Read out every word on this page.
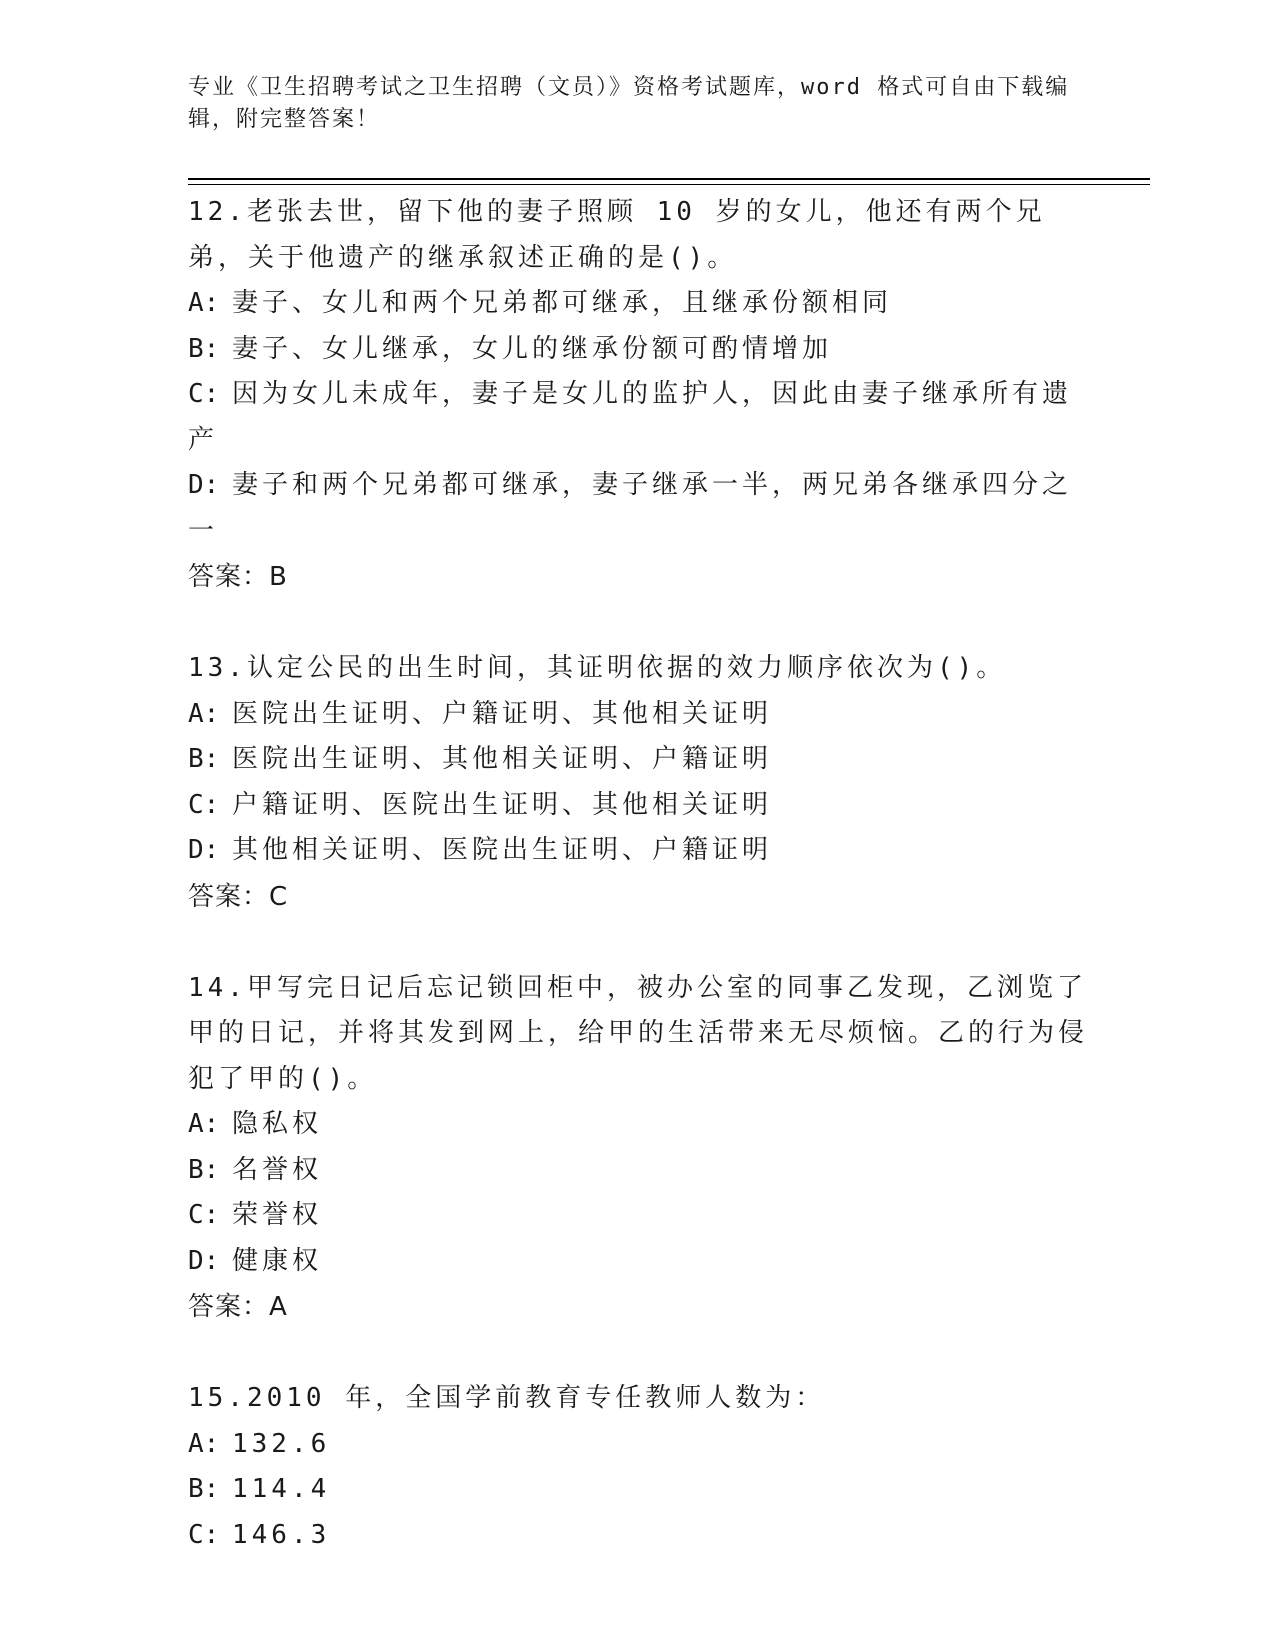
专业《卫生招聘考试之卫生招聘（文员）》资格考试题库，word 格式可自由下载编辑，附完整答案！

12.老张去世，留下他的妻子照顾 10 岁的女儿，他还有两个兄弟，关于他遗产的继承叙述正确的是()。

A: 妻子、女儿和两个兄弟都可继承，且继承份额相同

B: 妻子、女儿继承，女儿的继承份额可酌情增加

C: 因为女儿未成年，妻子是女儿的监护人，因此由妻子继承所有遗产

D: 妻子和两个兄弟都可继承，妻子继承一半，两兄弟各继承四分之一

答案：B

13.认定公民的出生时间，其证明依据的效力顺序依次为()。

A: 医院出生证明、户籍证明、其他相关证明

B: 医院出生证明、其他相关证明、户籍证明

C: 户籍证明、医院出生证明、其他相关证明

D: 其他相关证明、医院出生证明、户籍证明

答案：C

14.甲写完日记后忘记锁回柜中，被办公室的同事乙发现，乙浏览了甲的日记，并将其发到网上，给甲的生活带来无尽烦恼。乙的行为侵犯了甲的()。

A: 隐私权

B: 名誉权

C: 荣誉权

D: 健康权

答案：A

15.2010 年，全国学前教育专任教师人数为：

A: 132.6

B: 114.4

C: 146.3
